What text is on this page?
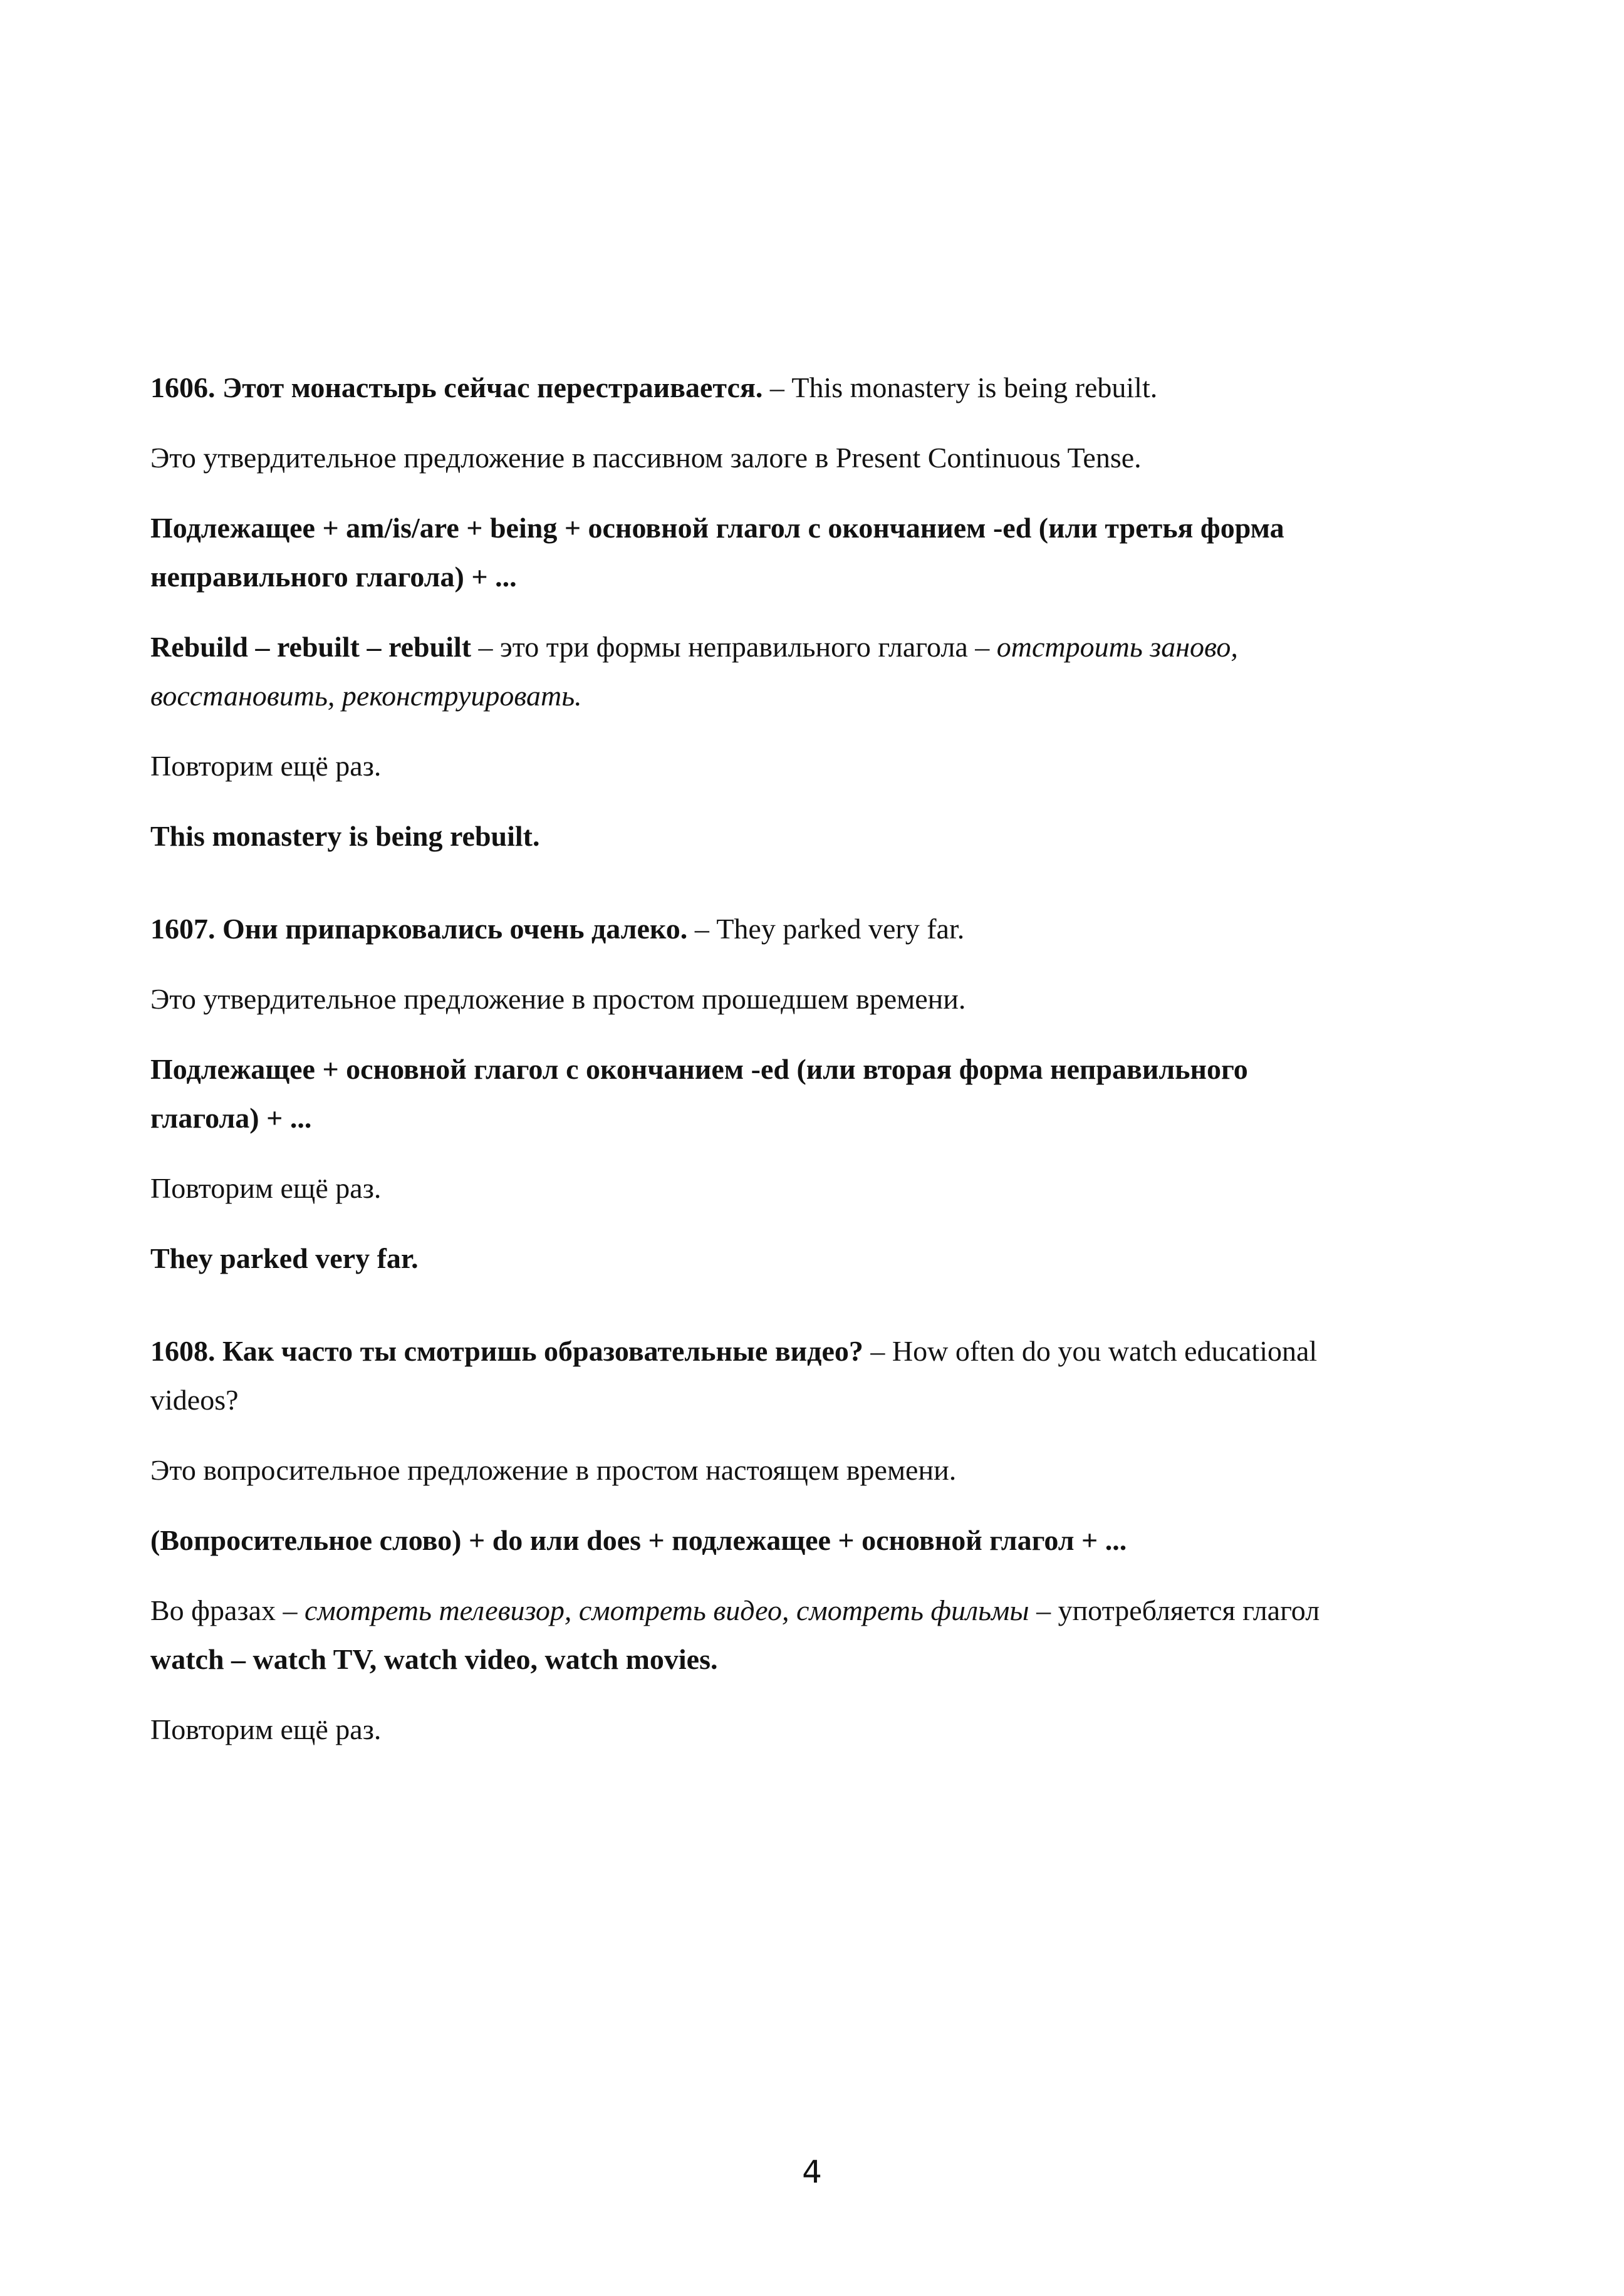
1606. Этот монастырь сейчас перестраивается. – This monastery is being rebuilt.

Это утвердительное предложение в пассивном залоге в Present Continuous Tense.

Подлежащее + am/is/are + being + основной глагол с окончанием -ed (или третья форма неправильного глагола) + ...

Rebuild – rebuilt – rebuilt – это три формы неправильного глагола – отстроить заново, восстановить, реконструировать.

Повторим ещё раз.

This monastery is being rebuilt.

1607. Они припарковались очень далеко. – They parked very far.

Это утвердительное предложение в простом прошедшем времени.

Подлежащее + основной глагол с окончанием -ed (или вторая форма неправильного глагола) + ...

Повторим ещё раз.

They parked very far.

1608. Как часто ты смотришь образовательные видео? – How often do you watch educational videos?

Это вопросительное предложение в простом настоящем времени.

(Вопросительное слово) + do или does + подлежащее + основной глагол + ...

Во фразах – смотреть телевизор, смотреть видео, смотреть фильмы – употребляется глагол watch – watch TV, watch video, watch movies.

Повторим ещё раз.

4
